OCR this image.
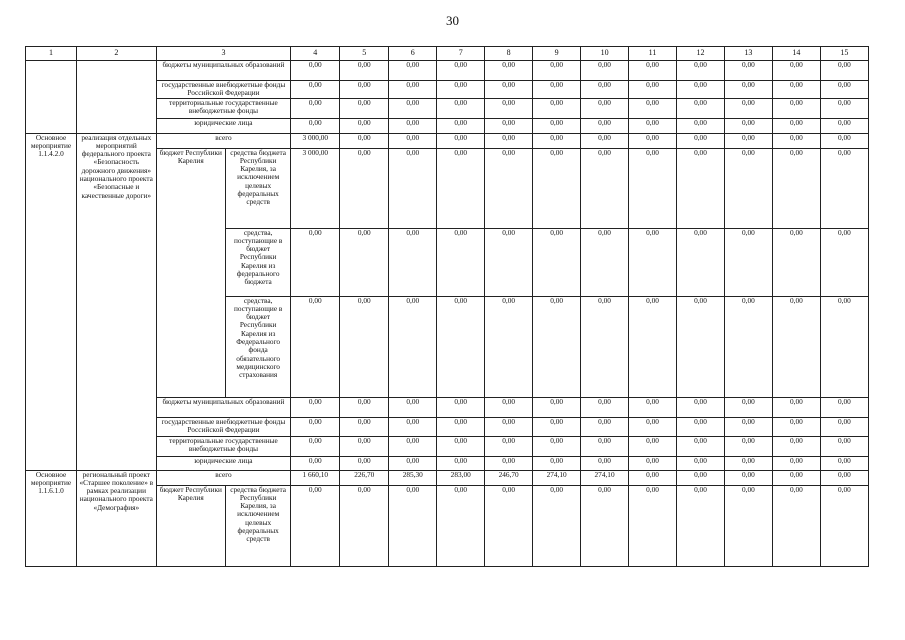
30
1	2	3		4	5	6	7	8	9	10	11	12	13	14	15
		бюджеты муниципальных образований		0,00	0,00	0,00	0,00	0,00	0,00	0,00	0,00	0,00	0,00	0,00	0,00
		государственные внебюджетные фонды Российской Федерации		0,00	0,00	0,00	0,00	0,00	0,00	0,00	0,00	0,00	0,00	0,00	0,00
		территориальные государственные внебюджетные фонды		0,00	0,00	0,00	0,00	0,00	0,00	0,00	0,00	0,00	0,00	0,00	0,00
		юридические лица		0,00	0,00	0,00	0,00	0,00	0,00	0,00	0,00	0,00	0,00	0,00	0,00
Основное мероприятие 1.1.4.2.0	реализация отдельных мероприятий федерального проекта «Безопасность дорожного движения» национального проекта «Безопасные и качественные дороги»	всего		3 000,00	0,00	0,00	0,00	0,00	0,00	0,00	0,00	0,00	0,00	0,00	0,00
		бюджет Республики Карелия	средства бюджета Республики Карелия, за исключением целевых федеральных средств	3 000,00	0,00	0,00	0,00	0,00	0,00	0,00	0,00	0,00	0,00	0,00	0,00
			средства, поступающие в бюджет Республики Карелия из федерального бюджета	0,00	0,00	0,00	0,00	0,00	0,00	0,00	0,00	0,00	0,00	0,00	0,00
			средства, поступающие в бюджет Республики Карелия из Федерального фонда обязательного медицинского страхования	0,00	0,00	0,00	0,00	0,00	0,00	0,00	0,00	0,00	0,00	0,00	0,00
		бюджеты муниципальных образований		0,00	0,00	0,00	0,00	0,00	0,00	0,00	0,00	0,00	0,00	0,00	0,00
		государственные внебюджетные фонды Российской Федерации		0,00	0,00	0,00	0,00	0,00	0,00	0,00	0,00	0,00	0,00	0,00	0,00
		территориальные государственные внебюджетные фонды		0,00	0,00	0,00	0,00	0,00	0,00	0,00	0,00	0,00	0,00	0,00	0,00
		юридические лица		0,00	0,00	0,00	0,00	0,00	0,00	0,00	0,00	0,00	0,00	0,00	0,00
Основное мероприятие 1.1.6.1.0	региональный проект «Старшее поколение» в рамках реализации национального проекта «Демография»	всего		1 660,10	226,70	285,30	283,00	246,70	274,10	274,10	0,00	0,00	0,00	0,00	0,00
		бюджет Республики Карелия	средства бюджета Республики Карелия, за исключением целевых федеральных средств	0,00	0,00	0,00	0,00	0,00	0,00	0,00	0,00	0,00	0,00	0,00	0,00
